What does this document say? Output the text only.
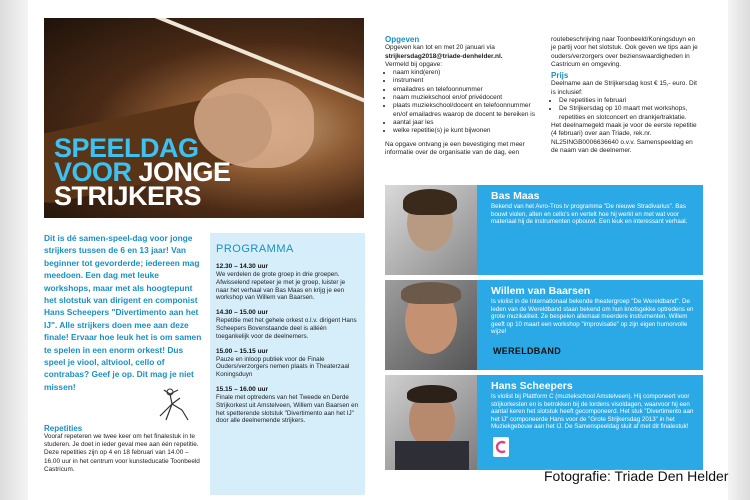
SPEELDAG
VOOR JONGE
STRIJKERS

Dit is dé samen-speel-dag voor jonge strijkers tussen de 6 en 13 jaar! Van beginner tot gevorderde; iedereen mag meedoen. Een dag met leuke workshops, maar met als hoogtepunt het slotstuk van dirigent en componist Hans Scheepers "Divertimento aan het IJ". Alle strijkers doen mee aan deze finale! Ervaar hoe leuk het is om samen te spelen in een enorm orkest! Dus speel je viool, altviool, cello of contrabas? Geef je op. Dit mag je niet missen!

Repetities

Vooraf repeteren we twee keer om het finalestuk in te studeren. Je doet in ieder geval mee aan één repetitie. Deze repetities zijn op 4 en 18 februari van 14.00 – 16.00 uur in het centrum voor kunsteducatie Toonbeeld Castricum.

PROGRAMMA
12.30 – 14.30 uur
We verdelen de grote groep in drie groepen. Afwisselend repeteer je met je groep, luister je naar het verhaal van Bas Maas en krijg je een workshop van Willem van Baarsen.
14.30 – 15.00 uur
Repetitie met het gehele orkest o.l.v. dirigent Hans Scheepers Bovenstaande deel is alléén toegankelijk voor de deelnemers.
15.00 – 15.15 uur
Pauze en inloop publiek voor de Finale Ouders/verzorgers nemen plaats in Theaterzaal Koningsduyn
15.15 – 16.00 uur
Finale met optredens van het Tweede en Derde Strijkorkest uit Amstelveen, Willem van Baarsen en het spetterende slotstuk "Divertimento aan het IJ" door alle deelnemende strijkers.
Opgeven

Opgeven kan tot en met 20 januari via

strijkersdag2018@triade-denhelder.nl.

Vermeld bij opgave:

• naam kind(eren)
• instrument
• emailadres en telefoonnummer
• naam muziekschool en/of privédocent
• plaats muziekschool/docent en telefoonnummer en/of emailadres waarop de docent te bereiken is
• aantal jaar les
• welke repetitie(s) je kunt bijwonen

Na opgave ontvang je een bevestiging met meer informatie over de organisatie van de dag, een

routebeschrijving naar Toonbeeld/Koningsduyn en je partij voor het slotstuk. Ook geven we tips aan je ouders/verzorgers over bezienswaardigheden in Castricum en omgeving.

Prijs

Deelname aan de Strijkersdag kost € 15,- euro. Dit is inclusief:

• De repetities in februari
• De Strijkersdag op 10 maart met workshops, repetities en slotconcert en drankje/traktatie.

Het deelnamegeld maak je voor de eerste repetitie (4 februari) over aan Triade, rek.nr. NL25INGB0006636640 o.v.v. Samenspeeldag en de naam van de deelnemer.

Bas Maas

Bekend van het Avro-Tros tv programma "De nieuwe Stradivarius". Bas bouwt violen, alten en cello's en vertelt hoe hij werkt en met wat voor materiaal hij de instrumenten opbouwt. Een leuk en interessant verhaal.

Willem van Baarsen

Is violist in de Internationaal bekende theatergroep "De Wereldband". De leden van de Wereldband staan bekend om hun knotsgekke optredens en grote muzikaliteit. Ze bespelen allemaal meerdere instrumenten. Willem geeft op 10 maart een workshop "improvisatie" op zijn eigen humorvolle wijze!

WERELDBAND
Hans Scheepers

Is violist bij Plattform C (muziekschool Amstelveen). Hij componeert voor strijkorkesten en is betrokken bij de lordens visoldagen, waarvoor hij een aantal keren het slotstuk heeft gecomponeerd. Het stuk "Divertimento aan het IJ" componeerde Hans voor de "Grote Strijkersdag 2013" in het Muziekgebouw aan het IJ. De Samenspeeldag sluit af met dit finalestuk!

Fotografie: Triade Den Helder
